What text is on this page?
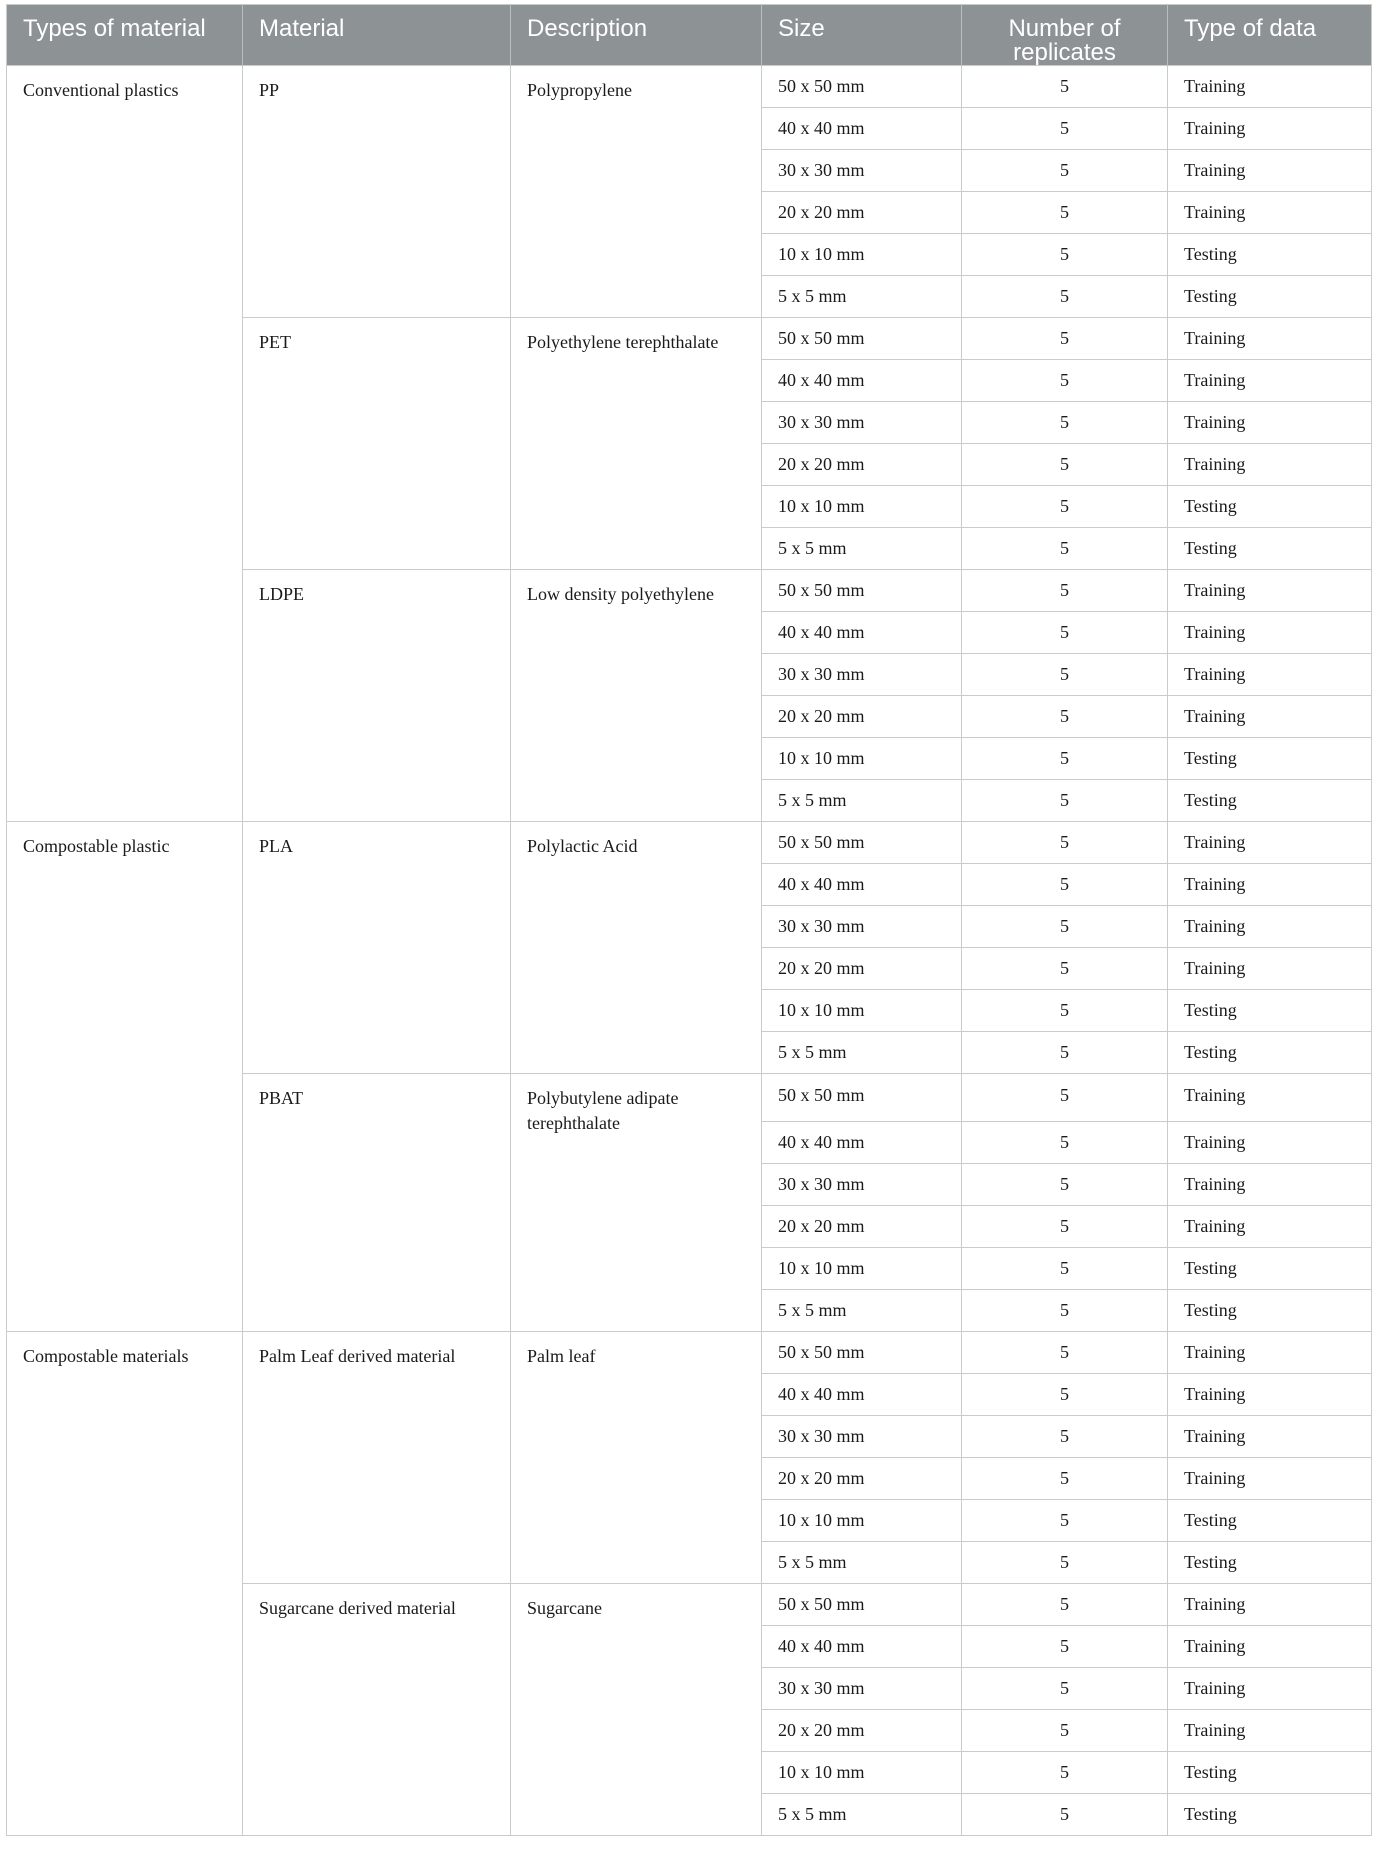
Types of material	Material	Description	Size	Number of replicates	Type of data
Conventional plastics	PP	Polypropylene	50 x 50 mm	5	Training
			40 x 40 mm	5	Training
			30 x 30 mm	5	Training
			20 x 20 mm	5	Training
			10 x 10 mm	5	Testing
			5 x 5 mm	5	Testing
	PET	Polyethylene terephthalate	50 x 50 mm	5	Training
			40 x 40 mm	5	Training
			30 x 30 mm	5	Training
			20 x 20 mm	5	Training
			10 x 10 mm	5	Testing
			5 x 5 mm	5	Testing
	LDPE	Low density polyethylene	50 x 50 mm	5	Training
			40 x 40 mm	5	Training
			30 x 30 mm	5	Training
			20 x 20 mm	5	Training
			10 x 10 mm	5	Testing
			5 x 5 mm	5	Testing
Compostable plastic	PLA	Polylactic Acid	50 x 50 mm	5	Training
			40 x 40 mm	5	Training
			30 x 30 mm	5	Training
			20 x 20 mm	5	Training
			10 x 10 mm	5	Testing
			5 x 5 mm	5	Testing
	PBAT	Polybutylene adipate terephthalate	50 x 50 mm	5	Training
			40 x 40 mm	5	Training
			30 x 30 mm	5	Training
			20 x 20 mm	5	Training
			10 x 10 mm	5	Testing
			5 x 5 mm	5	Testing
Compostable materials	Palm Leaf derived material	Palm leaf	50 x 50 mm	5	Training
			40 x 40 mm	5	Training
			30 x 30 mm	5	Training
			20 x 20 mm	5	Training
			10 x 10 mm	5	Testing
			5 x 5 mm	5	Testing
	Sugarcane derived material	Sugarcane	50 x 50 mm	5	Training
			40 x 40 mm	5	Training
			30 x 30 mm	5	Training
			20 x 20 mm	5	Training
			10 x 10 mm	5	Testing
			5 x 5 mm	5	Testing
